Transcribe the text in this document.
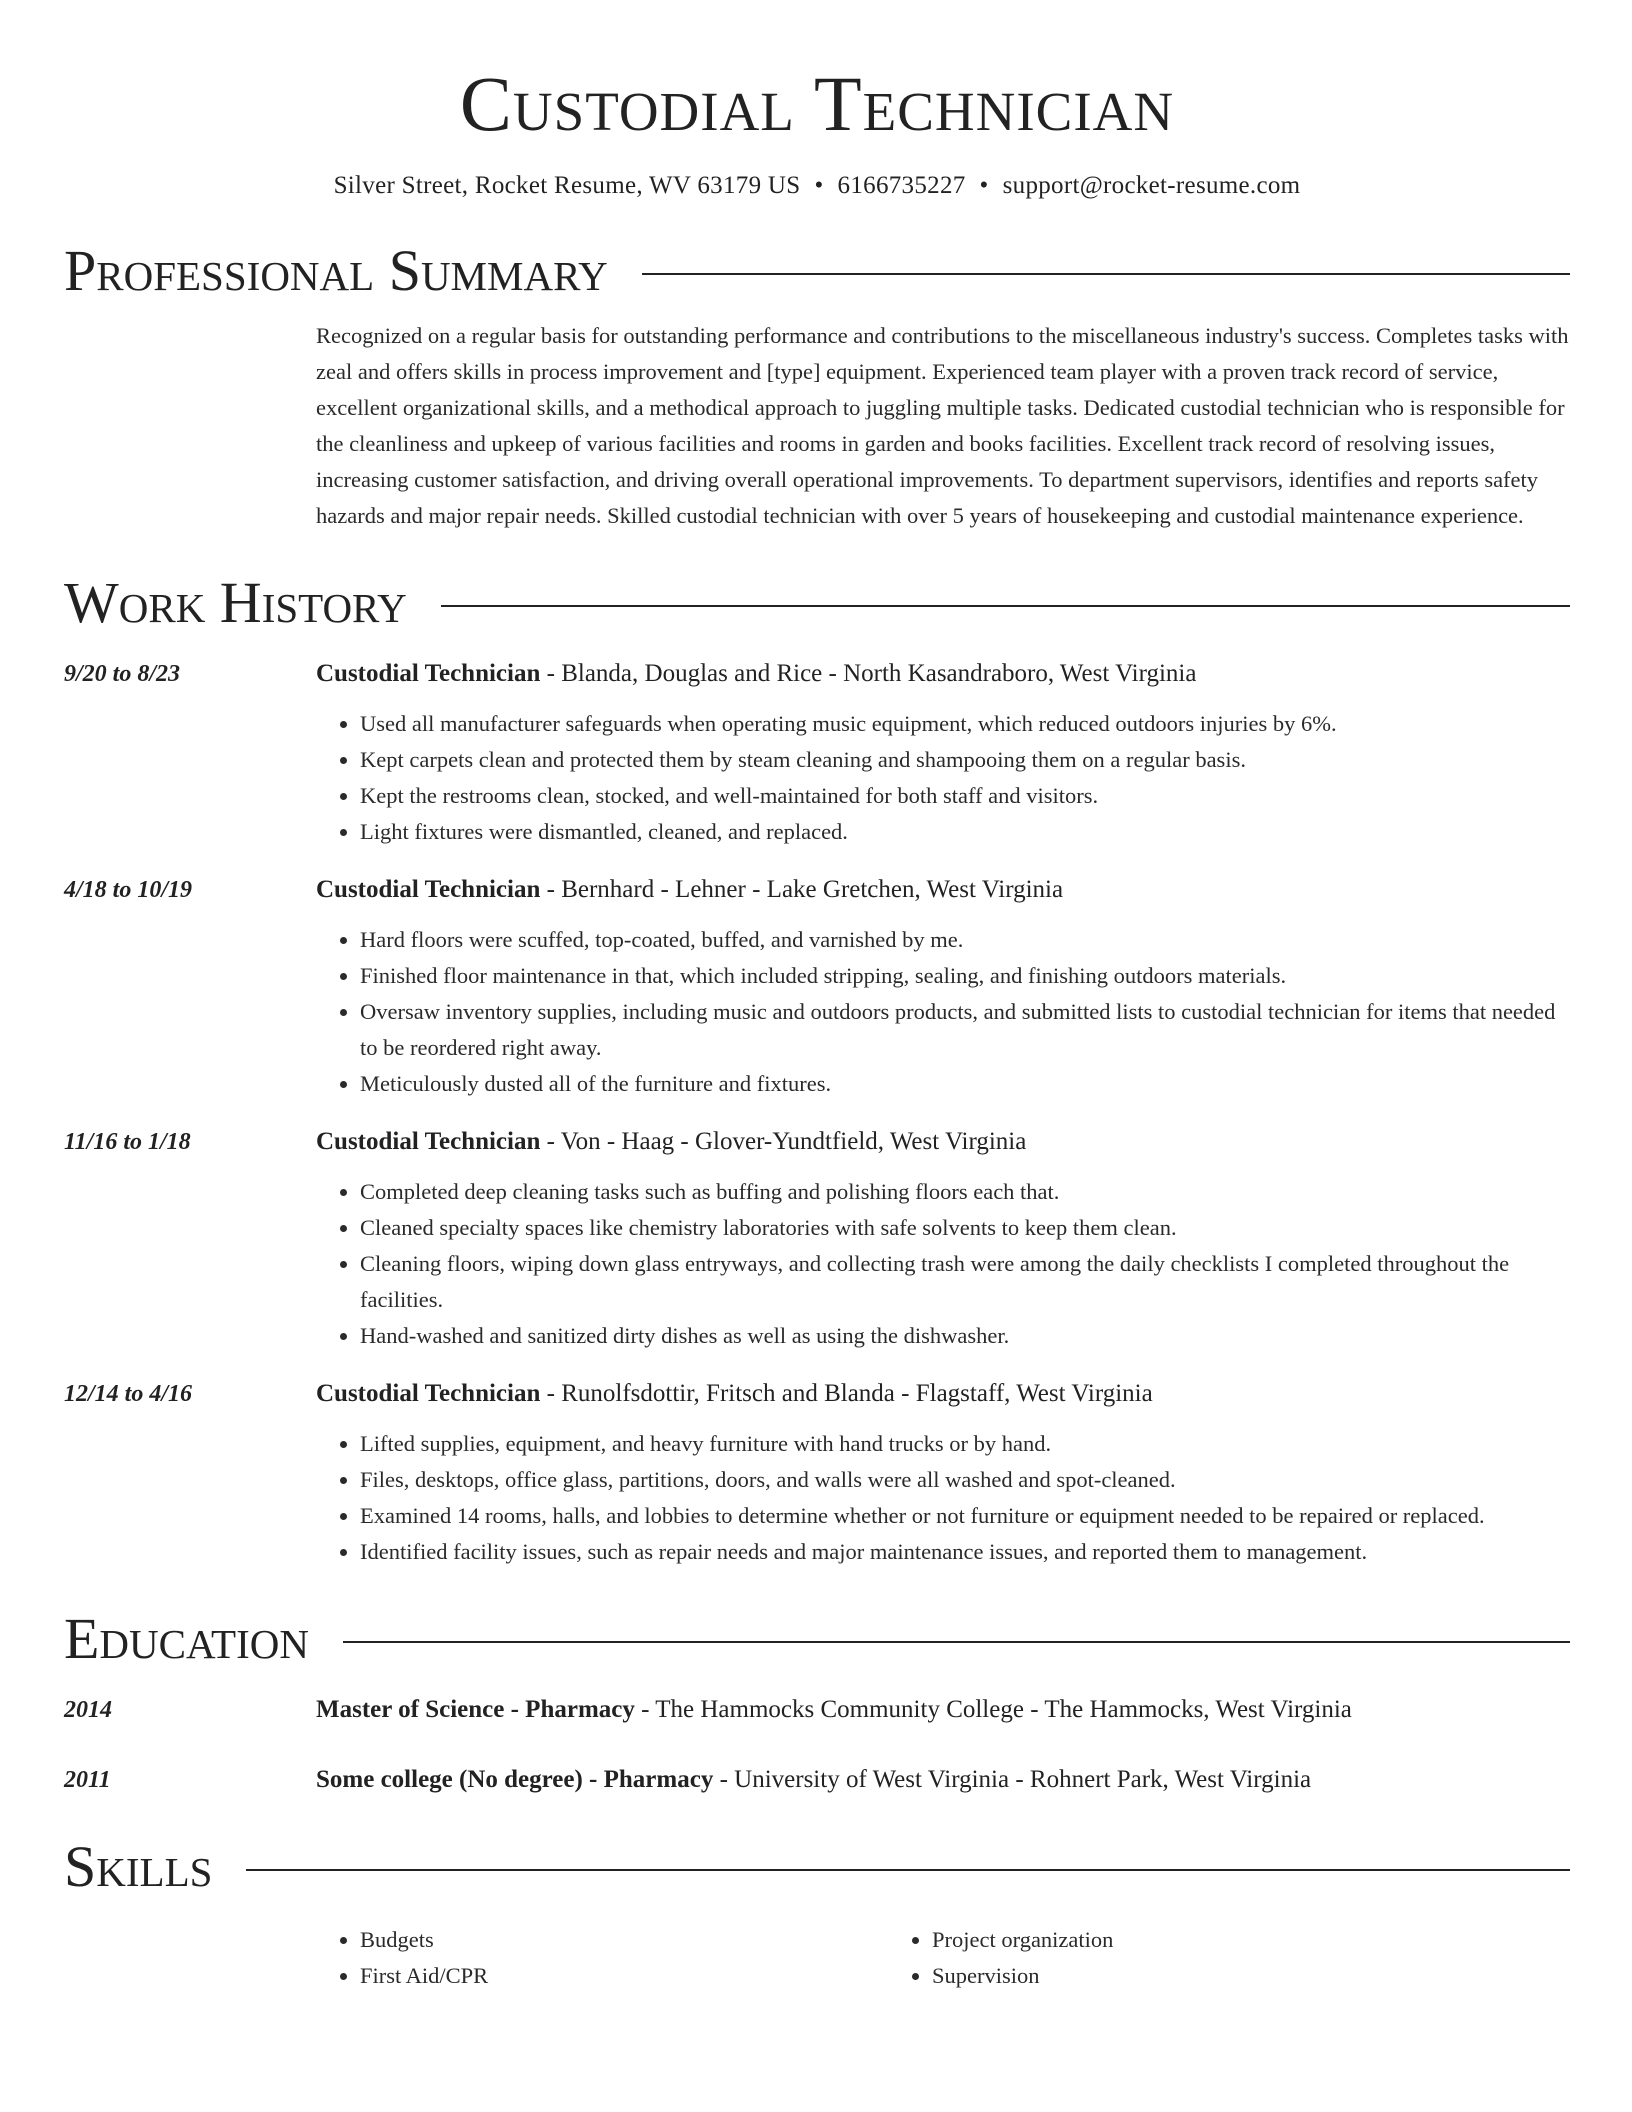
Custodial Technician
Silver Street, Rocket Resume, WV 63179 US • 6166735227 • support@rocket-resume.com
Professional Summary
Recognized on a regular basis for outstanding performance and contributions to the miscellaneous industry's success. Completes tasks with zeal and offers skills in process improvement and [type] equipment. Experienced team player with a proven track record of service, excellent organizational skills, and a methodical approach to juggling multiple tasks. Dedicated custodial technician who is responsible for the cleanliness and upkeep of various facilities and rooms in garden and books facilities. Excellent track record of resolving issues, increasing customer satisfaction, and driving overall operational improvements. To department supervisors, identifies and reports safety hazards and major repair needs. Skilled custodial technician with over 5 years of housekeeping and custodial maintenance experience.
Work History
9/20 to 8/23	Custodial Technician - Blanda, Douglas and Rice - North Kasandraboro, West Virginia
• Used all manufacturer safeguards when operating music equipment, which reduced outdoors injuries by 6%.
• Kept carpets clean and protected them by steam cleaning and shampooing them on a regular basis.
• Kept the restrooms clean, stocked, and well-maintained for both staff and visitors.
• Light fixtures were dismantled, cleaned, and replaced.
4/18 to 10/19	Custodial Technician - Bernhard - Lehner - Lake Gretchen, West Virginia
• Hard floors were scuffed, top-coated, buffed, and varnished by me.
• Finished floor maintenance in that, which included stripping, sealing, and finishing outdoors materials.
• Oversaw inventory supplies, including music and outdoors products, and submitted lists to custodial technician for items that needed to be reordered right away.
• Meticulously dusted all of the furniture and fixtures.
11/16 to 1/18	Custodial Technician - Von - Haag - Glover-Yundtfield, West Virginia
• Completed deep cleaning tasks such as buffing and polishing floors each that.
• Cleaned specialty spaces like chemistry laboratories with safe solvents to keep them clean.
• Cleaning floors, wiping down glass entryways, and collecting trash were among the daily checklists I completed throughout the facilities.
• Hand-washed and sanitized dirty dishes as well as using the dishwasher.
12/14 to 4/16	Custodial Technician - Runolfsdottir, Fritsch and Blanda - Flagstaff, West Virginia
• Lifted supplies, equipment, and heavy furniture with hand trucks or by hand.
• Files, desktops, office glass, partitions, doors, and walls were all washed and spot-cleaned.
• Examined 14 rooms, halls, and lobbies to determine whether or not furniture or equipment needed to be repaired or replaced.
• Identified facility issues, such as repair needs and major maintenance issues, and reported them to management.
Education
2014	Master of Science - Pharmacy - The Hammocks Community College - The Hammocks, West Virginia
2011	Some college (No degree) - Pharmacy - University of West Virginia - Rohnert Park, West Virginia
Skills
• Budgets
• First Aid/CPR
• Project organization
• Supervision
